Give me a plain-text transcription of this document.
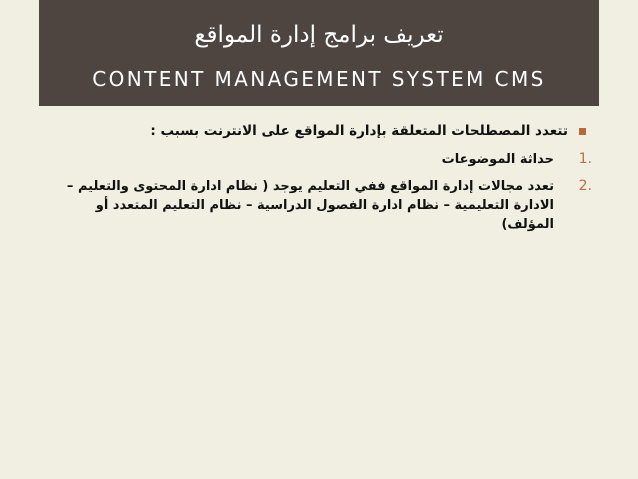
تعريف برامج إدارة المواقع
CONTENT MANAGEMENT SYSTEM CMS
تتعدد المصطلحات المتعلقة بإدارة المواقع على الانترنت بسبب :
1.
حداثة الموضوعات
2.
تعدد مجالات إدارة المواقع ففي التعليم يوجد ( نظام ادارة المحتوى والتعليم – الادارة التعليمية – نظام ادارة الفصول الدراسية – نظام التعليم المتعدد أو المؤلف)
